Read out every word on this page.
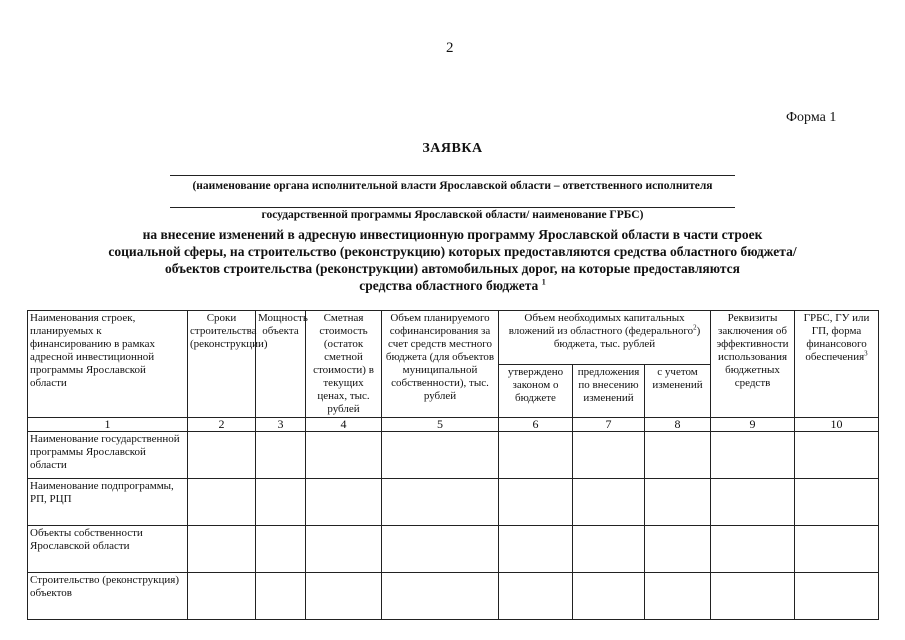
2
Форма 1
ЗАЯВКА
(наименование органа исполнительной власти Ярославской области – ответственного исполнителя
государственной программы Ярославской области/ наименование ГРБС)
на внесение изменений в адресную инвестиционную программу Ярославской области в части строек
социальной сферы, на строительство (реконструкцию) которых предоставляются средства областного бюджета/
объектов строительства (реконструкции) автомобильных дорог, на которые предоставляются
средства областного бюджета $^1$
Наименования строек, планируемых к финансированию в рамках адресной инвестиционной программы Ярославской области	Сроки строительства (реконструкции)	Мощность объекта	Сметная стоимость (остаток сметной стоимости) в текущих ценах, тыс. рублей	Объем планируемого софинансирования за счет средств местного бюджета (для объектов муниципальной собственности), тыс. рублей	Объем необходимых капитальных вложений из областного (федерального$^2$) бюджета, тыс. рублей			Реквизиты заключения об эффективности использования бюджетных средств	ГРБС, ГУ или ГП, форма финансового обеспечения$^3$
					утверждено законом о бюджете	предложения по внесению изменений	с учетом изменений		
1	2	3	4	5	6	7	8	9	10
Наименование государственной программы Ярославской области									
Наименование подпрограммы, РП, РЦП									
Объекты собственности Ярославской области									
Строительство (реконструкция) объектов									
